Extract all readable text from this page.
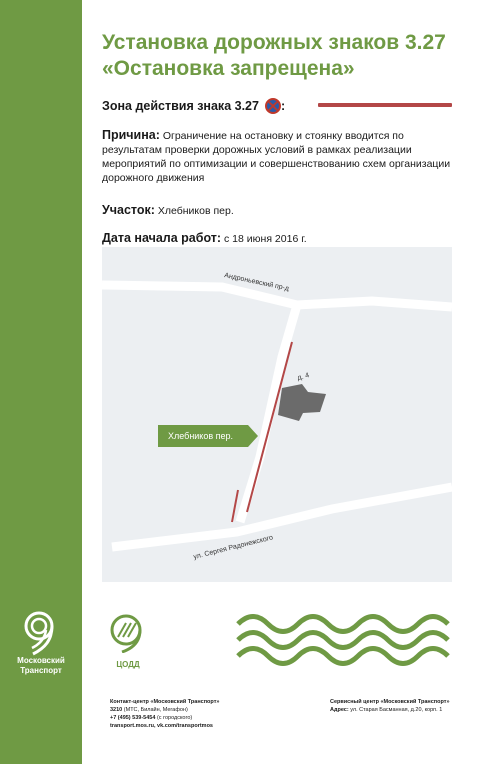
Московский
Транспорт
Установка дорожных знаков 3.27 «Остановка запрещена»
Зона действия знака 3.27 :
Причина: Ограничение на остановку и стоянку вводится по результатам проверки дорожных условий в рамках реализации мероприятий по оптимизации и совершенствованию схем организации дорожного движения
Участок: Хлебников пер.
Дата начала работ: с 18 июня 2016 г.
д. 4
Андроньевский пр-д
ул. Сергея Радонежского
Хлебников пер.
ЦОДД
Контакт-центр «Московский Транспорт»
3210 (МТС, Билайн, Мегафон)
+7 (495) 539-5454 (с городского)
transport.mos.ru, vk.com/transportmos
Сервисный центр «Московский Транспорт»
Адрес: ул. Старая Басманная, д.20, корп. 1
